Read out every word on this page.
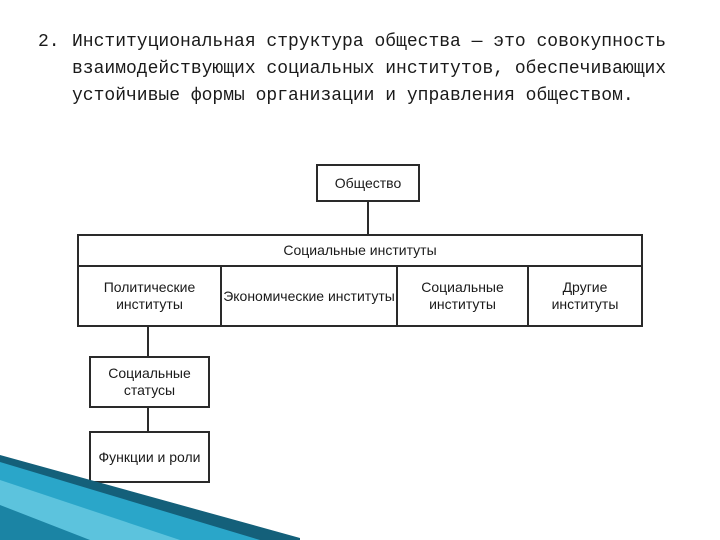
2. Институциональная структура общества — это совокупность взаимодействующих социальных институтов, обеспечивающих устойчивые формы организации и управления обществом.
Общество
Социальные институты
Политические институты
Экономические институты
Социальные институты
Другие институты
Социальные статусы
Функции и роли
